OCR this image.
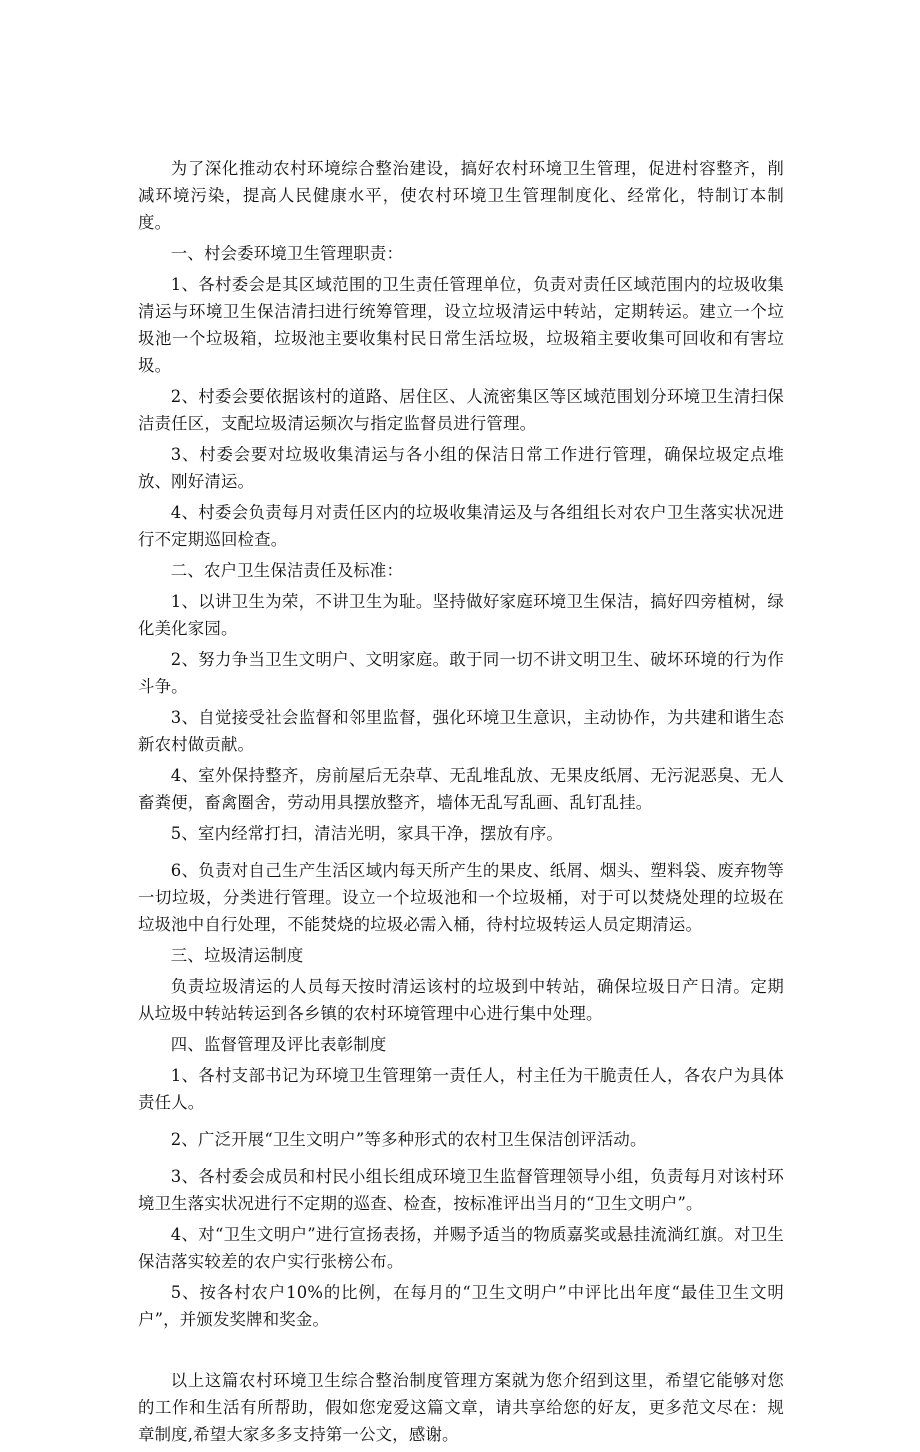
为了深化推动农村环境综合整治建设，搞好农村环境卫生管理，促进村容整齐，削减环境污染，提高人民健康水平，使农村环境卫生管理制度化、经常化，特制订本制度。

一、村会委环境卫生管理职责：

1、各村委会是其区域范围的卫生责任管理单位，负责对责任区域范围内的垃圾收集清运与环境卫生保洁清扫进行统筹管理，设立垃圾清运中转站，定期转运。建立一个垃圾池一个垃圾箱，垃圾池主要收集村民日常生活垃圾，垃圾箱主要收集可回收和有害垃圾。

2、村委会要依据该村的道路、居住区、人流密集区等区域范围划分环境卫生清扫保洁责任区，支配垃圾清运频次与指定监督员进行管理。

3、村委会要对垃圾收集清运与各小组的保洁日常工作进行管理，确保垃圾定点堆放、刚好清运。

4、村委会负责每月对责任区内的垃圾收集清运及与各组组长对农户卫生落实状况进行不定期巡回检查。

二、农户卫生保洁责任及标准：

1、以讲卫生为荣，不讲卫生为耻。坚持做好家庭环境卫生保洁，搞好四旁植树，绿化美化家园。

2、努力争当卫生文明户、文明家庭。敢于同一切不讲文明卫生、破坏环境的行为作斗争。

3、自觉接受社会监督和邻里监督，强化环境卫生意识，主动协作，为共建和谐生态新农村做贡献。

4、室外保持整齐，房前屋后无杂草、无乱堆乱放、无果皮纸屑、无污泥恶臭、无人畜粪便，畜禽圈舍，劳动用具摆放整齐，墙体无乱写乱画、乱钉乱挂。

5、室内经常打扫，清洁光明，家具干净，摆放有序。

6、负责对自己生产生活区域内每天所产生的果皮、纸屑、烟头、塑料袋、废弃物等一切垃圾，分类进行管理。设立一个垃圾池和一个垃圾桶，对于可以焚烧处理的垃圾在垃圾池中自行处理，不能焚烧的垃圾必需入桶，待村垃圾转运人员定期清运。

三、垃圾清运制度

负责垃圾清运的人员每天按时清运该村的垃圾到中转站，确保垃圾日产日清。定期从垃圾中转站转运到各乡镇的农村环境管理中心进行集中处理。

四、监督管理及评比表彰制度

1、各村支部书记为环境卫生管理第一责任人，村主任为干脆责任人，各农户为具体责任人。

2、广泛开展“卫生文明户”等多种形式的农村卫生保洁创评活动。

3、各村委会成员和村民小组长组成环境卫生监督管理领导小组，负责每月对该村环境卫生落实状况进行不定期的巡查、检查，按标准评出当月的“卫生文明户”。

4、对“卫生文明户”进行宣扬表扬，并赐予适当的物质嘉奖或悬挂流淌红旗。对卫生保洁落实较差的农户实行张榜公布。

5、按各村农户10%的比例，在每月的“卫生文明户”中评比出年度“最佳卫生文明户”，并颁发奖牌和奖金。

以上这篇农村环境卫生综合整治制度管理方案就为您介绍到这里，希望它能够对您的工作和生活有所帮助，假如您宠爱这篇文章，请共享给您的好友，更多范文尽在：规章制度,希望大家多多支持第一公文，感谢。
